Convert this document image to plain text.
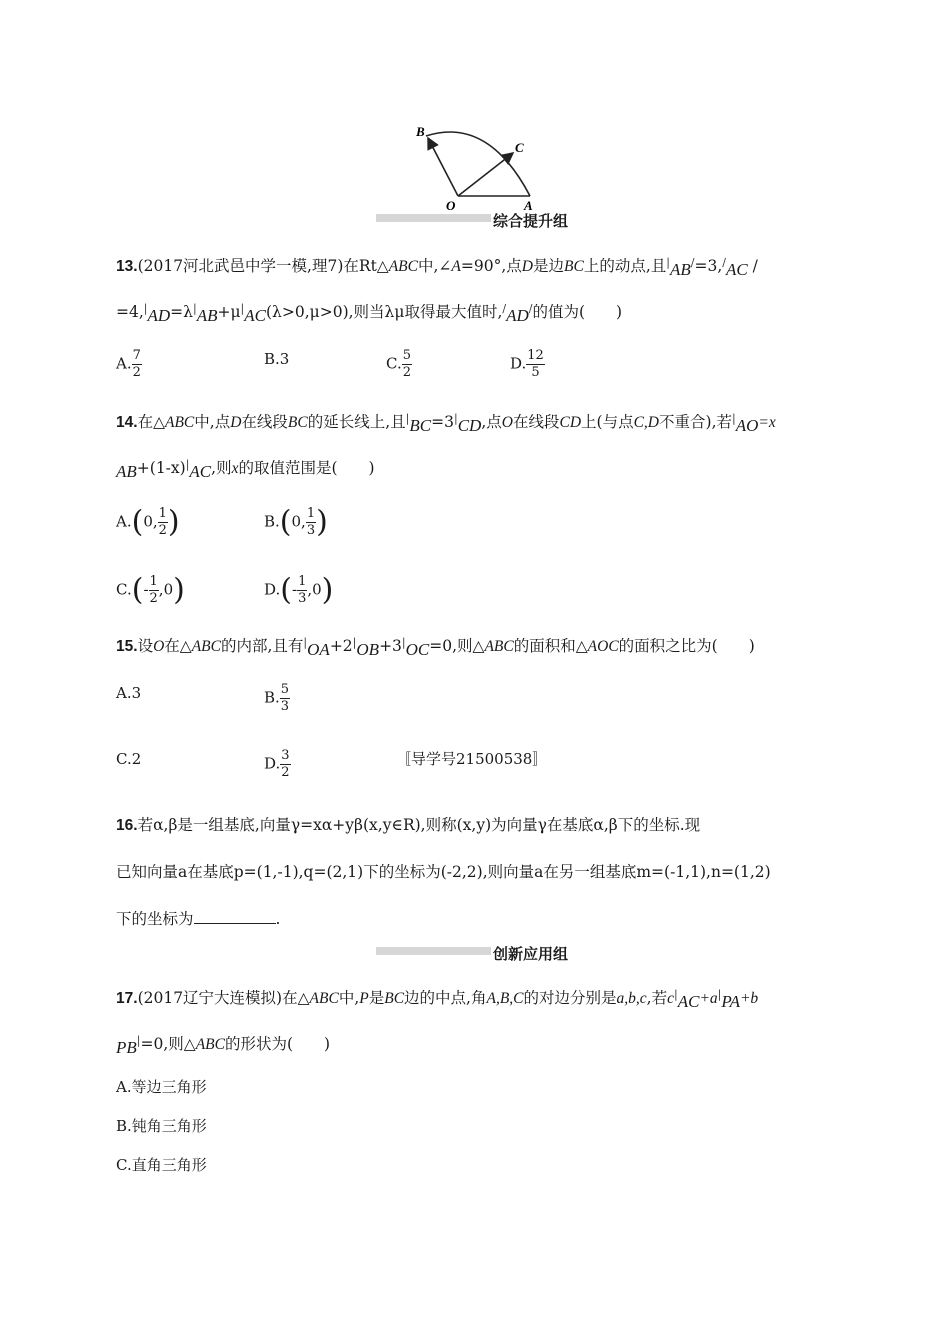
B
C
O	A
综合提升组
13.(2017河北武邑中学一模,理7)在Rt△ABC中,∠A=90°,点D是边BC上的动点,且|AB/=3,/AC /
=4,|AD=λ|AB+μ|AC(λ>0,μ>0),则当λμ取得最大值时,/AD/的值为(　　)
A. $\frac{7}{2}$	B.3	C. $\frac{5}{2}$	D. $\frac{12}{5}$
14.在△ABC中,点D在线段BC的延长线上,且|BC=3|CD,点O在线段CD上(与点C,D不重合),若|AO=x
AB+(1-x)|AC,则x的取值范围是(　　)
A.(0, $\frac{1}{2}$ )	B.(0, $\frac{1}{3}$ )
$C.(- \frac{1}{2} ,0)$	$D.(- \frac{1}{3} ,0)$
15.设O在△ABC的内部,且有|OA+2|OB+3|OC=0,则△ABC的面积和△AOC的面积之比为(　　)
A.3	B. $\frac{5}{3}$
C.2	D. $\frac{3}{2}$	〚导学号21500538〛
16.若α,β是一组基底,向量γ=xα+yβ(x,y∈R),则称(x,y)为向量γ在基底α,β下的坐标.现
已知向量a在基底p=(1,-1),q=(2,1)下的坐标为(-2,2),则向量a在另一组基底m=(-1,1),n=(1,2)
下的坐标为	.
创新应用组
17.(2017辽宁大连模拟)在△ABC中,P是BC边的中点,角A,B,C的对边分别是a,b,c,若c|AC+a|PA+b
PB|=0,则△ABC的形状为(　　)
A.等边三角形
B.钝角三角形
C.直角三角形
